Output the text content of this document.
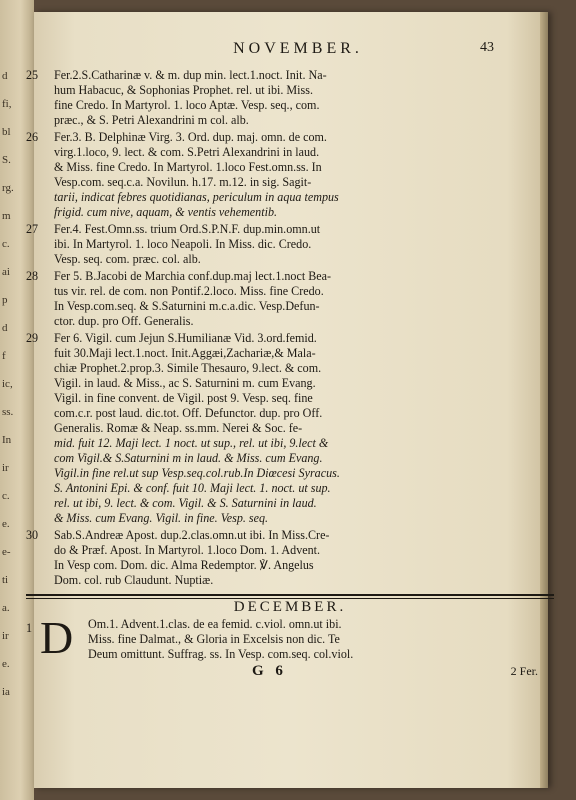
d
fi,
bl
S.
rg.
m
c.
ai
p
d
f
ic,
ss.
In
ir
c.
e.
e-
ti
a.
ir
e.
ia
NOVEMBER.	43
25	Fer.2.S.Catharinæ v. & m. dup min. lect.1.noct. Init. Na-
hum Habacuc, & Sophonias Prophet. rel. ut ibi. Miss.
fine Credo. In Martyrol. 1. loco Aptæ. Vesp. seq., com.
præc., & S. Petri Alexandrini m col. alb.
26	Fer.3. B. Delphinæ Virg. 3. Ord. dup. maj. omn. de com.
virg.1.loco, 9. lect. & com. S.Petri Alexandrini in laud.
& Miss. fine Credo. In Martyrol. 1.loco Fest.omn.ss. In
Vesp.com. seq.c.a. Novilun. h.17. m.12. in sig. Sagit-
tarii, indicat febres quotidianas, periculum in aqua tempus
frigid. cum nive, aquam, & ventis vehementib.
27	Fer.4. Fest.Omn.ss. trium Ord.S.P.N.F. dup.min.omn.ut
ibi. In Martyrol. 1. loco Neapoli. In Miss. dic. Credo.
Vesp. seq. com. præc. col. alb.
28	Fer 5. B.Jacobi de Marchia conf.dup.maj lect.1.noct Bea-
tus vir. rel. de com. non Pontif.2.loco. Miss. fine Credo.
In Vesp.com.seq. & S.Saturnini m.c.a.dic. Vesp.Defun-
ctor. dup. pro Off. Generalis.
29	Fer 6. Vigil. cum Jejun S.Humilianæ Vid. 3.ord.femid.
fuit 30.Maji lect.1.noct. Init.Aggæi,Zachariæ,& Mala-
chiæ Prophet.2.prop.3. Simile Thesauro, 9.lect. & com.
Vigil. in laud. & Miss., ac S. Saturnini m. cum Evang.
Vigil. in fine convent. de Vigil. post 9. Vesp. seq. fine
com.c.r. post laud. dic.tot. Off. Defunctor. dup. pro Off.
Generalis. Romæ & Neap. ss.mm. Nerei & Soc. fe-
mid. fuit 12. Maji lect. 1 noct. ut sup., rel. ut ibi, 9.lect &
com Vigil.& S.Saturnini m in laud. & Miss. cum Evang.
Vigil.in fine rel.ut sup Vesp.seq.col.rub.In Diœcesi Syracus.
S. Antonini Epi. & conf. fuit 10. Maji lect. 1. noct. ut sup.
rel. ut ibi, 9. lect. & com. Vigil. & S. Saturnini in laud.
& Miss. cum Evang. Vigil. in fine. Vesp. seq.
30	Sab.S.Andreæ Apost. dup.2.clas.omn.ut ibi. In Miss.Cre-
do & Præf. Apost. In Martyrol. 1.loco Dom. 1. Advent.
In Vesp com. Dom. dic. Alma Redemptor. ℣. Angelus
Dom. col. rub Claudunt. Nuptiæ.
DECEMBER.
1 D	Om.1. Advent.1.clas. de ea femid. c.viol. omn.ut ibi.
Miss. fine Dalmat., & Gloria in Excelsis non dic. Te
Deum omittunt. Suffrag. ss. In Vesp. com.seq. col.viol.
G 6	2 Fer.
